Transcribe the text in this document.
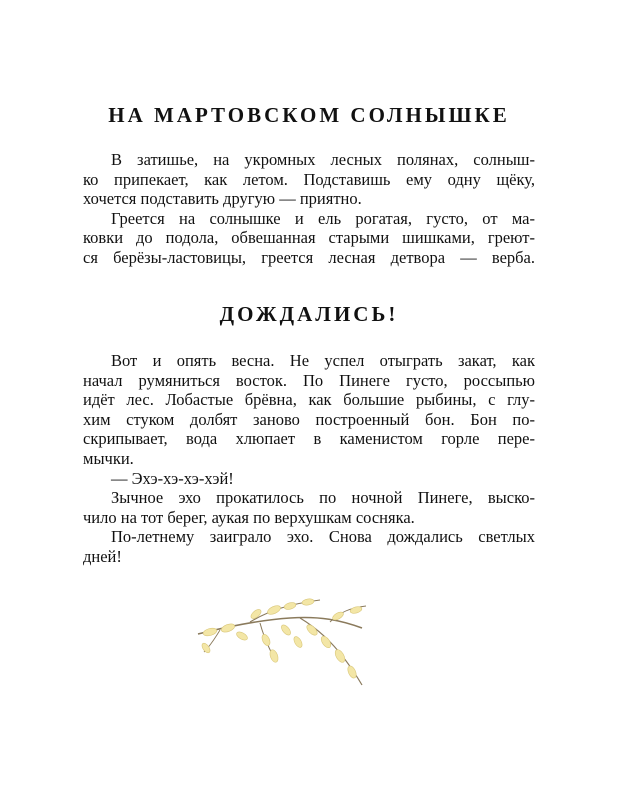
НА МАРТОВСКОМ СОЛНЫШКЕ
В затишье, на укромных лесных полянах, солныш-
ко припекает, как летом. Подставишь ему одну щёку,
хочется подставить другую — приятно.
Греется на солнышке и ель рогатая, густо, от ма-
ковки до подола, обвешанная старыми шишками, греют-
ся берёзы-ластовицы, греется лесная детвора — верба.
ДОЖДАЛИСЬ!
Вот и опять весна. Не успел отыграть закат, как
начал румяниться восток. По Пинеге густо, россыпью
идёт лес. Лобастые брёвна, как большие рыбины, с глу-
хим стуком долбят заново построенный бон. Бон по-
скрипывает, вода хлюпает в каменистом горле пере-
мычки.
— Эхэ-хэ-хэ-хэй!
Зычное эхо прокатилось по ночной Пинеге, выско-
чило на тот берег, аукая по верхушкам сосняка.
По-летнему заиграло эхо. Снова дождались светлых
дней!
